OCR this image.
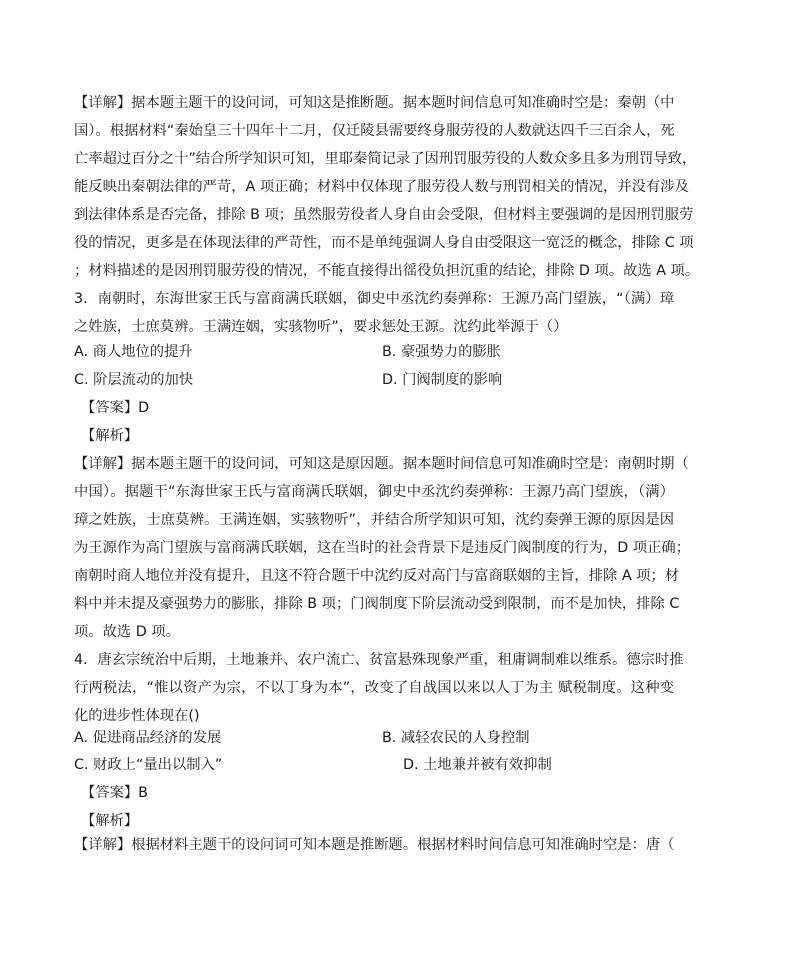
【详解】据本题主题干的设问词，可知这是推断题。据本题时间信息可知准确时空是：秦朝（中
国）。根据材料“秦始皇三十四年十二月，仅迁陵县需要终身服劳役的人数就达四千三百余人，死
亡率超过百分之十”结合所学知识可知，里耶秦简记录了因刑罚服劳役的人数众多且多为刑罚导致，
能反映出秦朝法律的严苛，A 项正确；材料中仅体现了服劳役人数与刑罚相关的情况，并没有涉及
到法律体系是否完备，排除 B 项；虽然服劳役者人身自由会受限，但材料主要强调的是因刑罚服劳
役的情况，更多是在体现法律的严苛性，而不是单纯强调人身自由受限这一宽泛的概念，排除 C 项
；材料描述的是因刑罚服劳役的情况，不能直接得出徭役负担沉重的结论，排除 D 项。故选 A 项。
3．南朝时，东海世家王氏与富商满氏联姻，御史中丞沈约奏弹称：王源乃高门望族，“（满）璋
之姓族，士庶莫辨。王满连姻，实骇物听”，要求惩处王源。沈约此举源于（）
A. 商人地位的提升	B. 豪强势力的膨胀
C. 阶层流动的加快	D. 门阀制度的影响
【答案】D
【解析】
【详解】据本题主题干的设问词，可知这是原因题。据本题时间信息可知准确时空是：南朝时期（
中国）。据题干“东海世家王氏与富商满氏联姻，御史中丞沈约奏弹称：王源乃高门望族，（满）
璋之姓族，士庶莫辨。王满连姻，实骇物听”，并结合所学知识可知，沈约奏弹王源的原因是因
为王源作为高门望族与富商满氏联姻，这在当时的社会背景下是违反门阀制度的行为，D 项正确；
南朝时商人地位并没有提升，且这不符合题干中沈约反对高门与富商联姻的主旨，排除 A 项；材
料中并未提及豪强势力的膨胀，排除 B 项；门阀制度下阶层流动受到限制，而不是加快，排除 C
项。故选 D 项。
4．唐玄宗统治中后期，土地兼并、农户流亡、贫富悬殊现象严重，租庸调制难以维系。德宗时推
行两税法，“惟以资产为宗，不以丁身为本”，改变了自战国以来以人丁为主 赋税制度。这种变
化的进步性体现在()
A. 促进商品经济的发展	B. 减轻农民的人身控制
C. 财政上“量出以制入”	D. 土地兼并被有效抑制
【答案】B
【解析】
【详解】根据材料主题干的设问词可知本题是推断题。根据材料时间信息可知准确时空是：唐（
